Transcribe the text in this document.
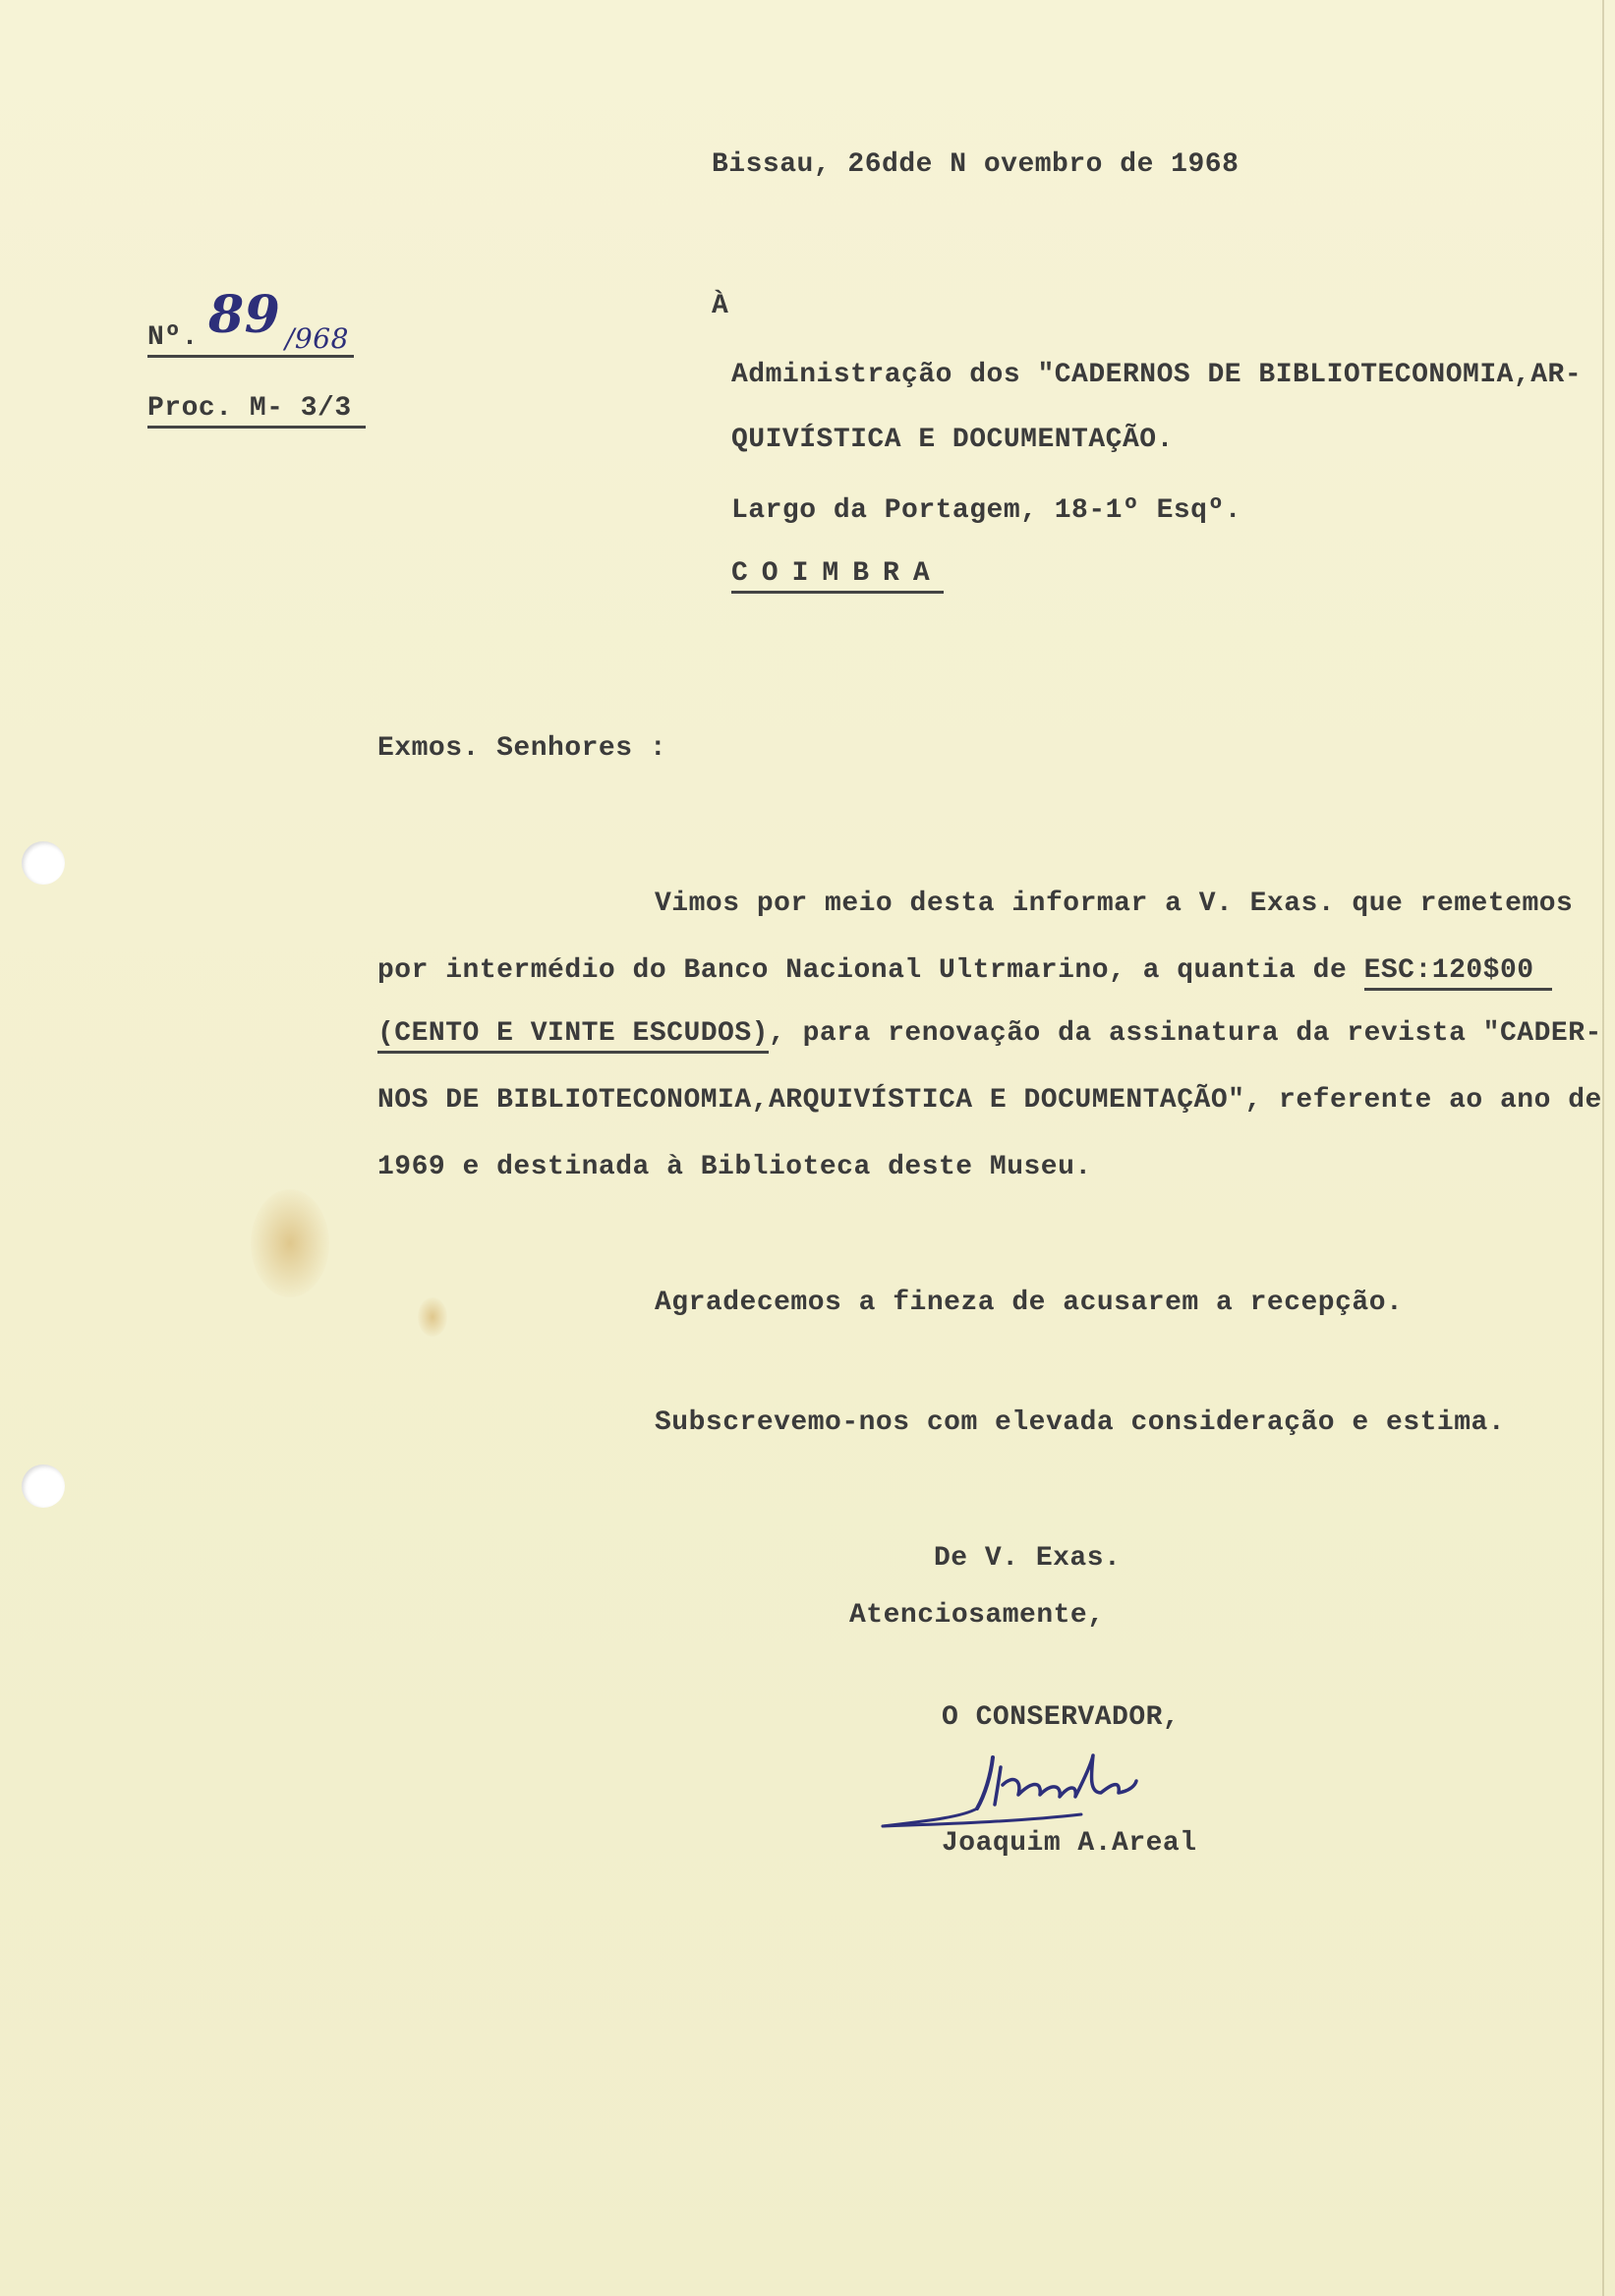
Bissau, 26dde N ovembro de 1968
Nº. 89 /968
Proc. M- 3/3
À
Administração dos "CADERNOS DE BIBLIOTECONOMIA,AR-
QUIVÍSTICA E DOCUMENTAÇÃO.
Largo da Portagem, 18-1º Esqº.
COIMBRA
Exmos. Senhores :
Vimos por meio desta informar a V. Exas. que remetemos
por intermédio do Banco Nacional Ultrmarino, a quantia de ESC:120$00
(CENTO E VINTE ESCUDOS), para renovação da assinatura da revista "CADER-
NOS DE BIBLIOTECONOMIA,ARQUIVÍSTICA E DOCUMENTAÇÃO", referente ao ano de
1969 e destinada à Biblioteca deste Museu.
Agradecemos a fineza de acusarem a recepção.
Subscrevemo-nos com elevada consideração e estima.
De V. Exas.
Atenciosamente,
O CONSERVADOR,
Joaquim A.Areal
